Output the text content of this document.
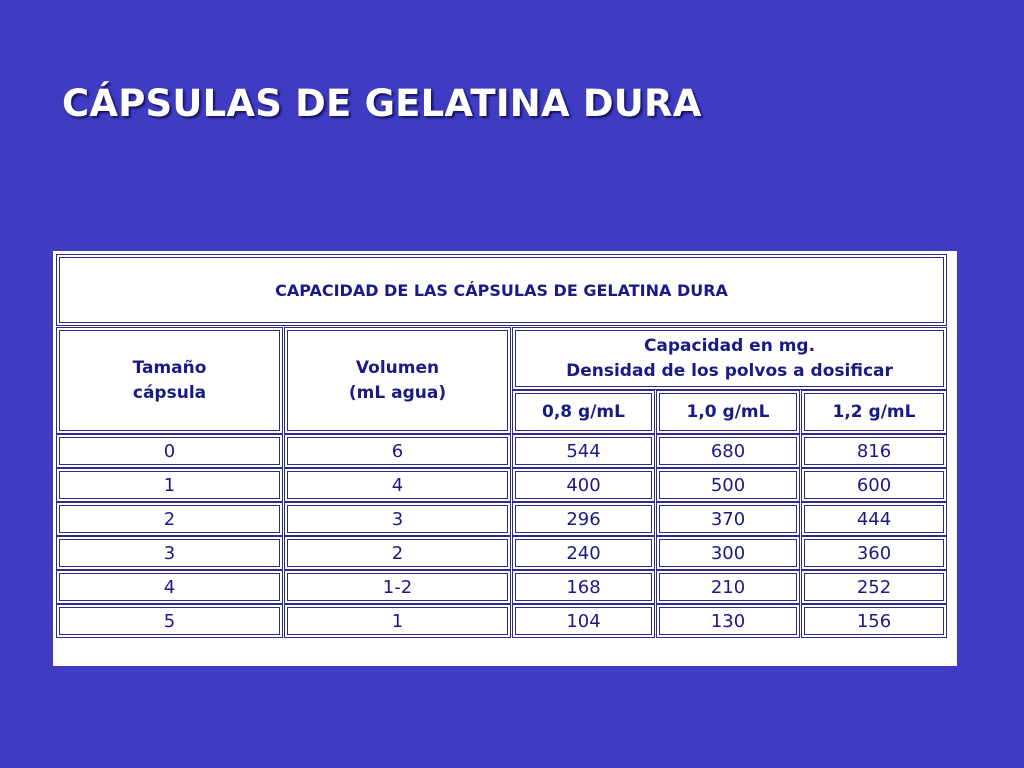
CÁPSULAS DE GELATINA DURA
CAPACIDAD DE LAS CÁPSULAS DE GELATINA DURA
Tamaño
cápsula
Volumen
(mL agua)
Capacidad en mg.
Densidad de los polvos a dosificar
0,8 g/mL	1,0 g/mL	1,2 g/mL
0	6	544	680	816
1	4	400	500	600
2	3	296	370	444
3	2	240	300	360
4	1-2	168	210	252
5	1	104	130	156
